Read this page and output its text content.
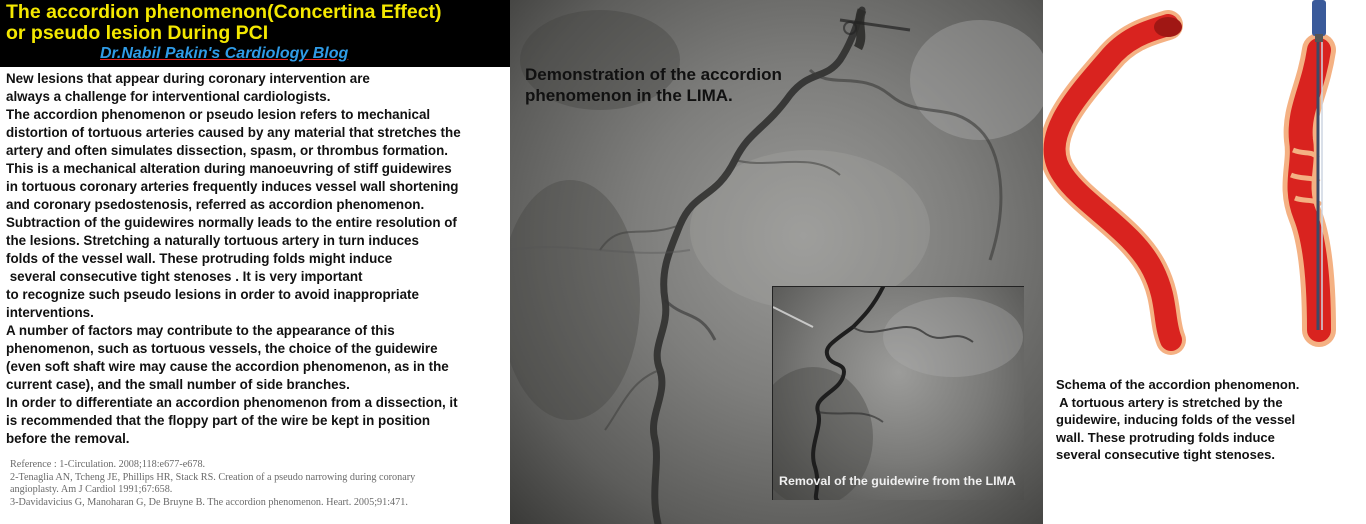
The accordion phenomenon(Concertina Effect)
or pseudo lesion During PCI
Dr.Nabil Pakin's Cardiology Blog
New lesions that appear during coronary intervention are
always a challenge for interventional cardiologists.
The accordion phenomenon or pseudo lesion refers to mechanical
distortion of tortuous arteries caused by any material that stretches the
artery and often simulates dissection, spasm, or thrombus formation.
This is a mechanical alteration during manoeuvring of stiff guidewires
in tortuous coronary arteries frequently induces vessel wall shortening
and coronary psedostenosis, referred as accordion phenomenon.
Subtraction of the guidewires normally leads to the entire resolution of
the lesions. Stretching a naturally tortuous artery in turn induces
folds of the vessel wall. These protruding folds might induce
several consecutive tight stenoses . It is very important
to recognize such pseudo lesions in order to avoid inappropriate
interventions.
A number of factors may contribute to the appearance of this
phenomenon, such as tortuous vessels, the choice of the guidewire
(even soft shaft wire may cause the accordion phenomenon, as in the
current case), and the small number of side branches.
In order to differentiate an accordion phenomenon from a dissection, it
is recommended that the floppy part of the wire be kept in position
before the removal.
Reference : 1-Circulation. 2008;118:e677-e678.
2-Tenaglia AN, Tcheng JE, Phillips HR, Stack RS. Creation of a pseudo narrowing during coronary
angioplasty. Am J Cardiol 1991;67:658.
3-Davidavicius G, Manoharan G, De Bruyne B. The accordion phenomenon. Heart. 2005;91:471.
Demonstration of the accordion
phenomenon in the LIMA.
Removal of the guidewire from the LIMA
Schema of the accordion phenomenon.
A tortuous artery is stretched by the
guidewire, inducing folds of the vessel
wall. These protruding folds induce
several consecutive tight stenoses.
